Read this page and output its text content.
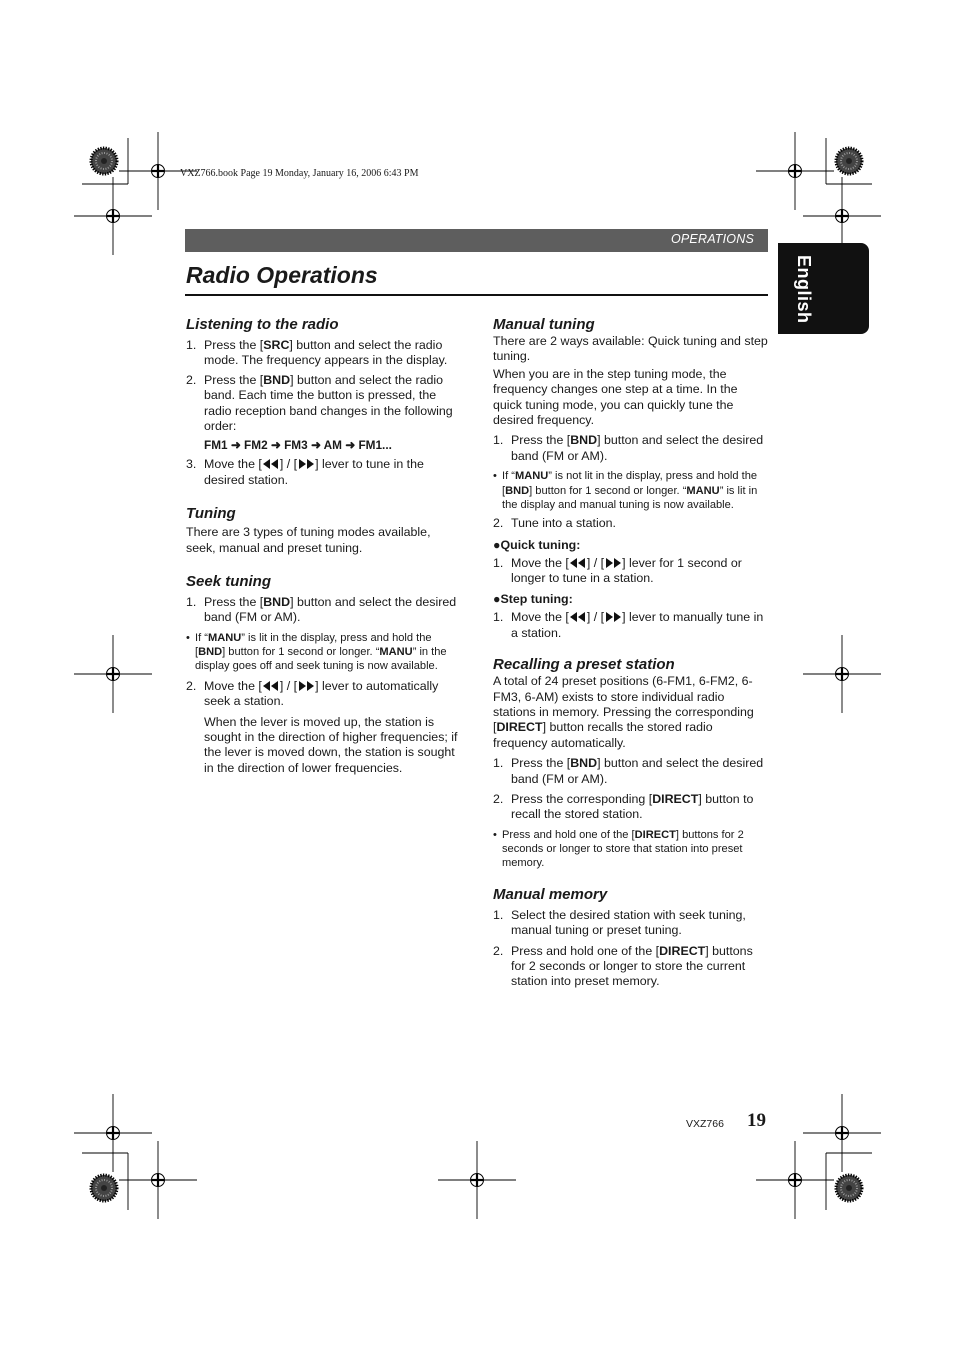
VXZ766.book Page 19 Monday, January 16, 2006 6:43 PM
OPERATIONS
English
Radio Operations
Listening to the radio
1. Press the [SRC] button and select the radio mode. The frequency appears in the display.
2. Press the [BND] button and select the radio band. Each time the button is pressed, the radio reception band changes in the following order:
FM1 ➜ FM2 ➜ FM3 ➜ AM ➜ FM1...
3. Move the [ ] / [ ] lever to tune in the desired station.
Tuning

There are 3 types of tuning modes available, seek, manual and preset tuning.

Seek tuning
1. Press the [BND] button and select the desired band (FM or AM).
• If “MANU” is lit in the display, press and hold the [BND] button for 1 second or longer. “MANU” in the display goes off and seek tuning is now available.
2. Move the [ ] / [ ] lever to automatically seek a station.
When the lever is moved up, the station is sought in the direction of higher frequencies; if the lever is moved down, the station is sought in the direction of lower frequencies.
Manual tuning

There are 2 ways available: Quick tuning and step tuning.

When you are in the step tuning mode, the frequency changes one step at a time. In the quick tuning mode, you can quickly tune the desired frequency.

1. Press the [BND] button and select the desired band (FM or AM).
• If “MANU” is not lit in the display, press and hold the [BND] button for 1 second or longer. “MANU” is lit in the display and manual tuning is now available.
2. Tune into a station.
●Quick tuning:
1. Move the [ ] / [ ] lever for 1 second or longer to tune in a station.
●Step tuning:
1. Move the [ ] / [ ] lever to manually tune in a station.
Recalling a preset station

A total of 24 preset positions (6-FM1, 6-FM2, 6-FM3, 6-AM) exists to store individual radio stations in memory. Pressing the corresponding [DIRECT] button recalls the stored radio frequency automatically.

1. Press the [BND] button and select the desired band (FM or AM).
2. Press the corresponding [DIRECT] button to recall the stored station.
• Press and hold one of the [DIRECT] buttons for 2 seconds or longer to store that station into preset memory.
Manual memory
1. Select the desired station with seek tuning, manual tuning or preset tuning.
2. Press and hold one of the [DIRECT] buttons for 2 seconds or longer to store the current station into preset memory.
VXZ766 19
